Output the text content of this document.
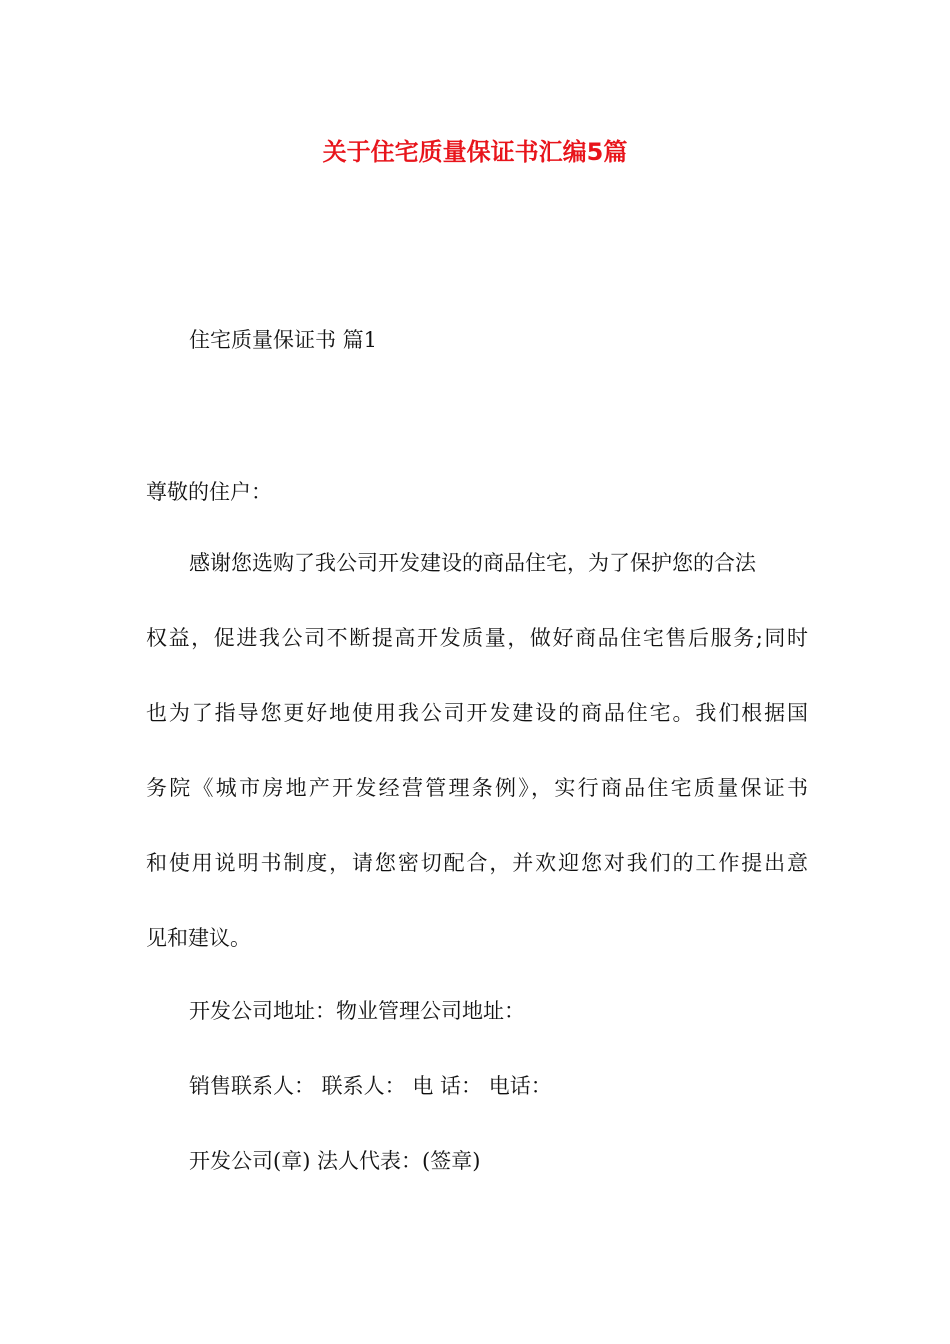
关于住宅质量保证书汇编5篇

住宅质量保证书 篇1

尊敬的住户：

感谢您选购了我公司开发建设的商品住宅，为了保护您的合法

权益，促进我公司不断提高开发质量，做好商品住宅售后服务;同时

也为了指导您更好地使用我公司开发建设的商品住宅。我们根据国

务院《城市房地产开发经营管理条例》，实行商品住宅质量保证书

和使用说明书制度，请您密切配合，并欢迎您对我们的工作提出意

见和建议。

开发公司地址：物业管理公司地址：

销售联系人： 联系人： 电 话： 电话：

开发公司(章) 法人代表：(签章)
